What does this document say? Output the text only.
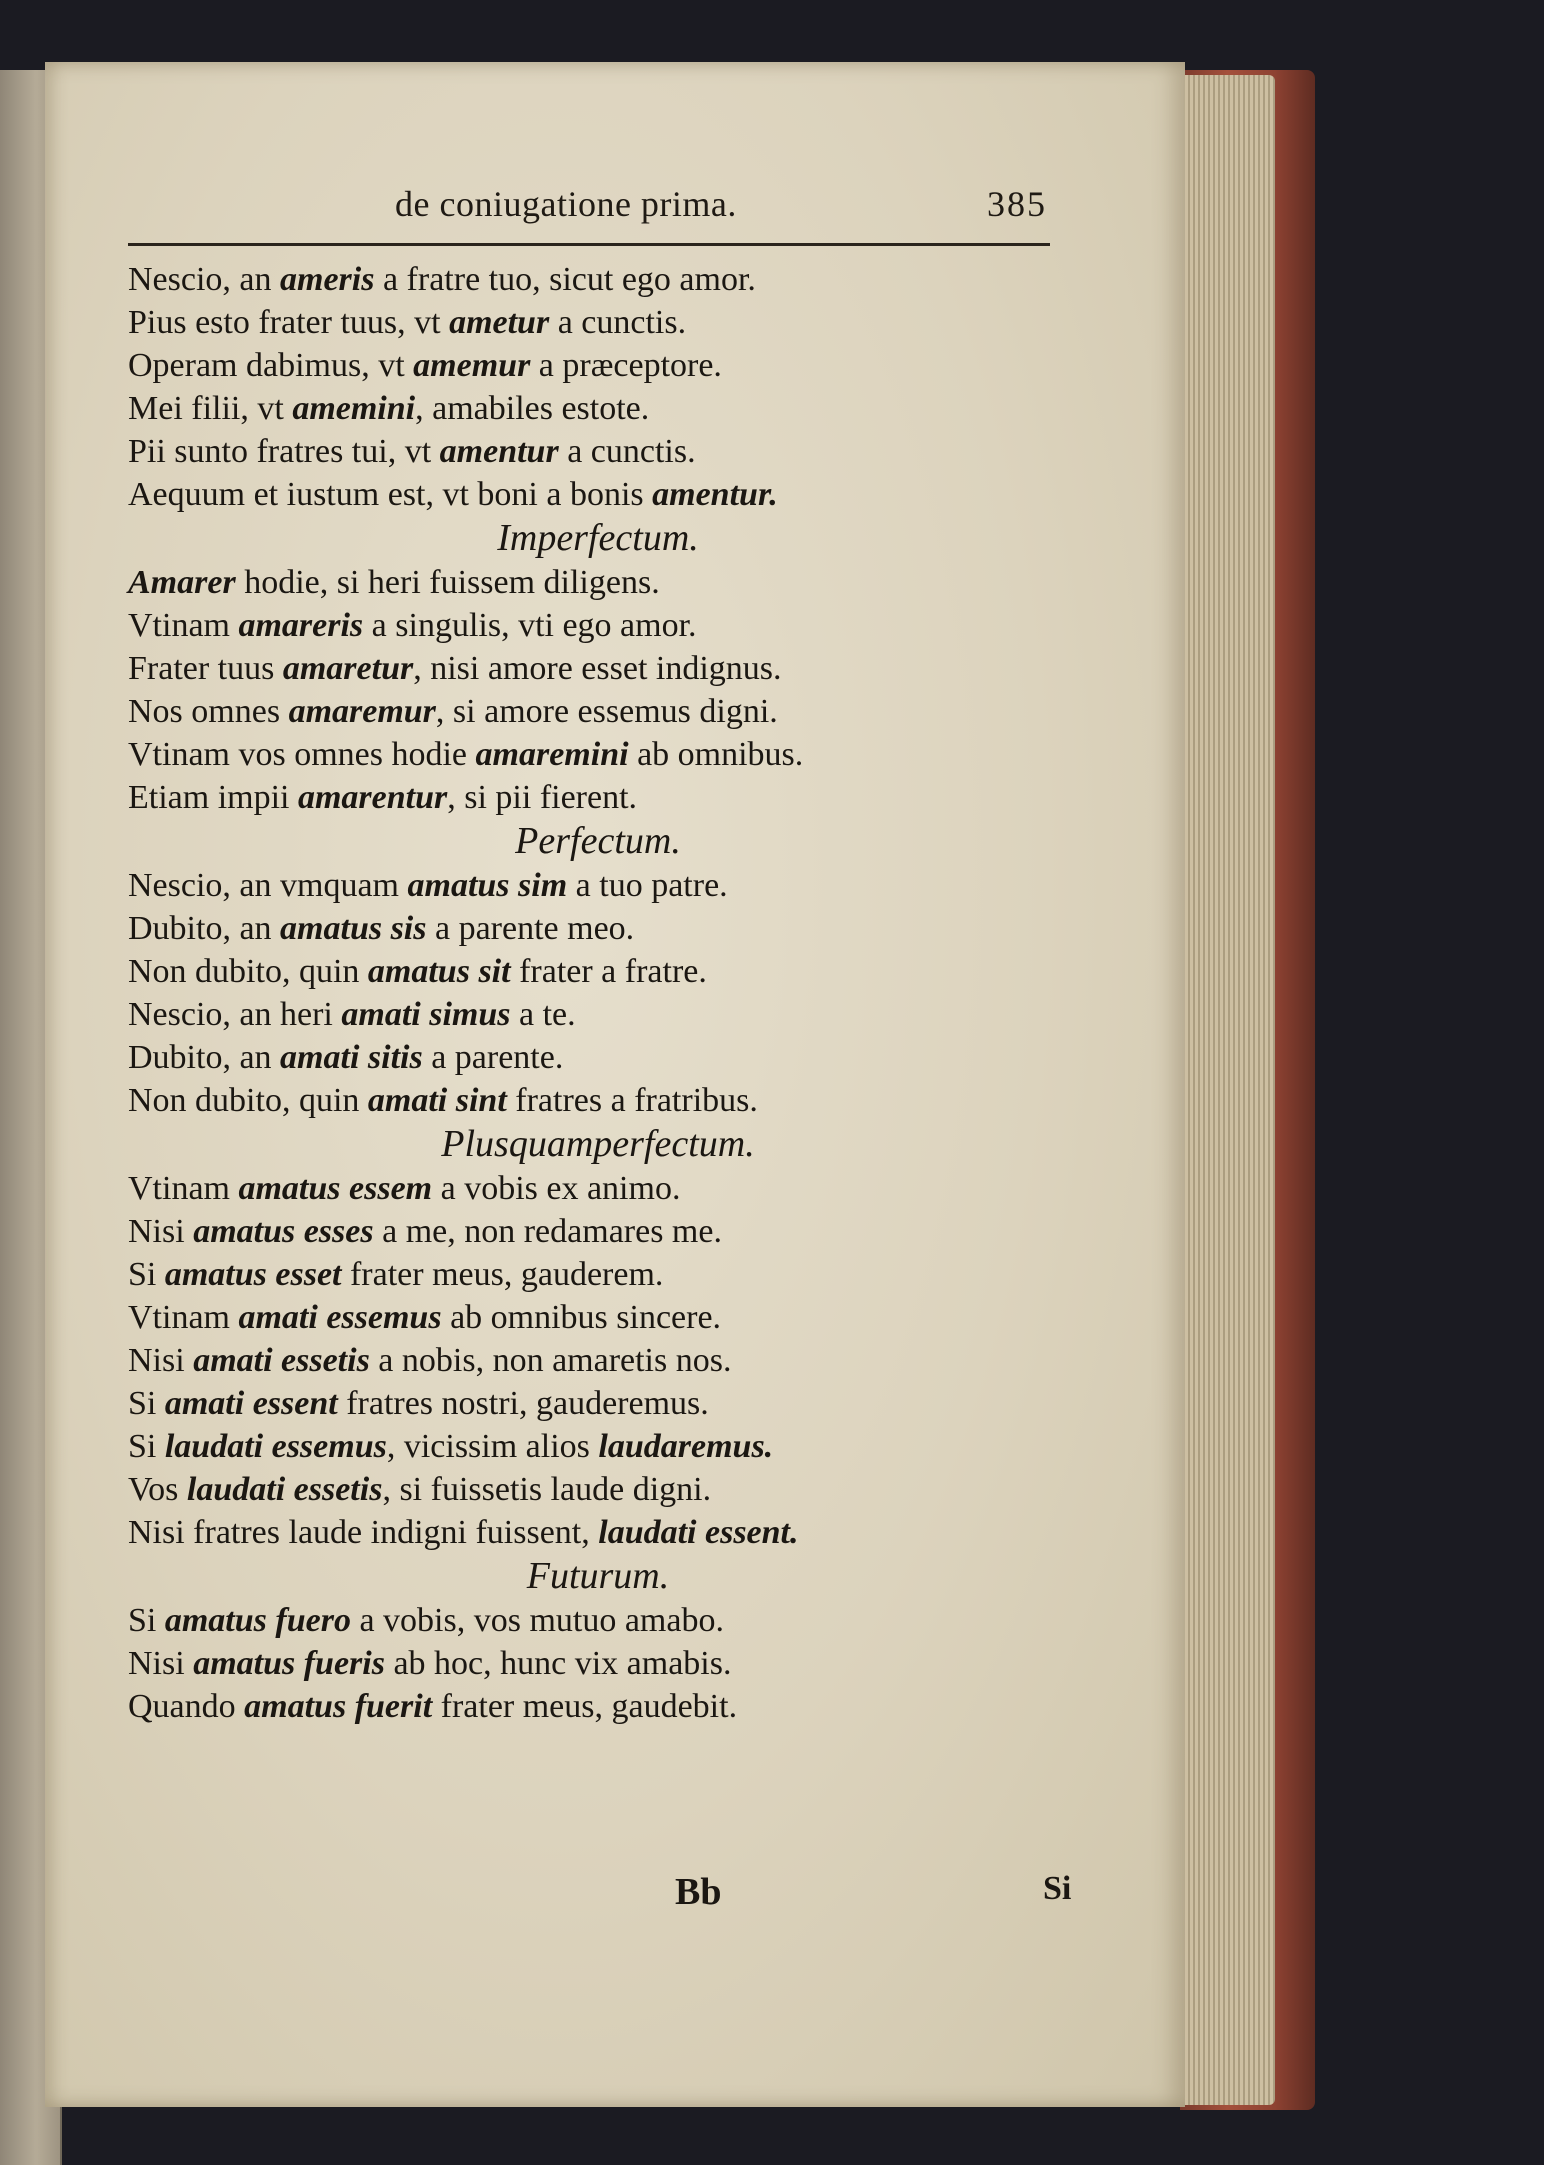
de coniugatione prima.	385
Nescio, an ameris a fratre tuo, sicut ego amor.
Pius esto frater tuus, vt ametur a cunctis.
Operam dabimus, vt amemur a præceptore.
Mei filii, vt amemini, amabiles estote.
Pii sunto fratres tui, vt amentur a cunctis.
Aequum et iustum est, vt boni a bonis amentur.
Imperfectum.
Amarer hodie, si heri fuissem diligens.
Vtinam amareris a singulis, vti ego amor.
Frater tuus amaretur, nisi amore esset indignus.
Nos omnes amaremur, si amore essemus digni.
Vtinam vos omnes hodie amaremini ab omnibus.
Etiam impii amarentur, si pii fierent.
Perfectum.
Nescio, an vmquam amatus sim a tuo patre.
Dubito, an amatus sis a parente meo.
Non dubito, quin amatus sit frater a fratre.
Nescio, an heri amati simus a te.
Dubito, an amati sitis a parente.
Non dubito, quin amati sint fratres a fratribus.
Plusquamperfectum.
Vtinam amatus essem a vobis ex animo.
Nisi amatus esses a me, non redamares me.
Si amatus esset frater meus, gauderem.
Vtinam amati essemus ab omnibus sincere.
Nisi amati essetis a nobis, non amaretis nos.
Si amati essent fratres nostri, gauderemus.
Si laudati essemus, vicissim alios laudaremus.
Vos laudati essetis, si fuissetis laude digni.
Nisi fratres laude indigni fuissent, laudati essent.
Futurum.
Si amatus fuero a vobis, vos mutuo amabo.
Nisi amatus fueris ab hoc, hunc vix amabis.
Quando amatus fuerit frater meus, gaudebit.
Bb	Si
